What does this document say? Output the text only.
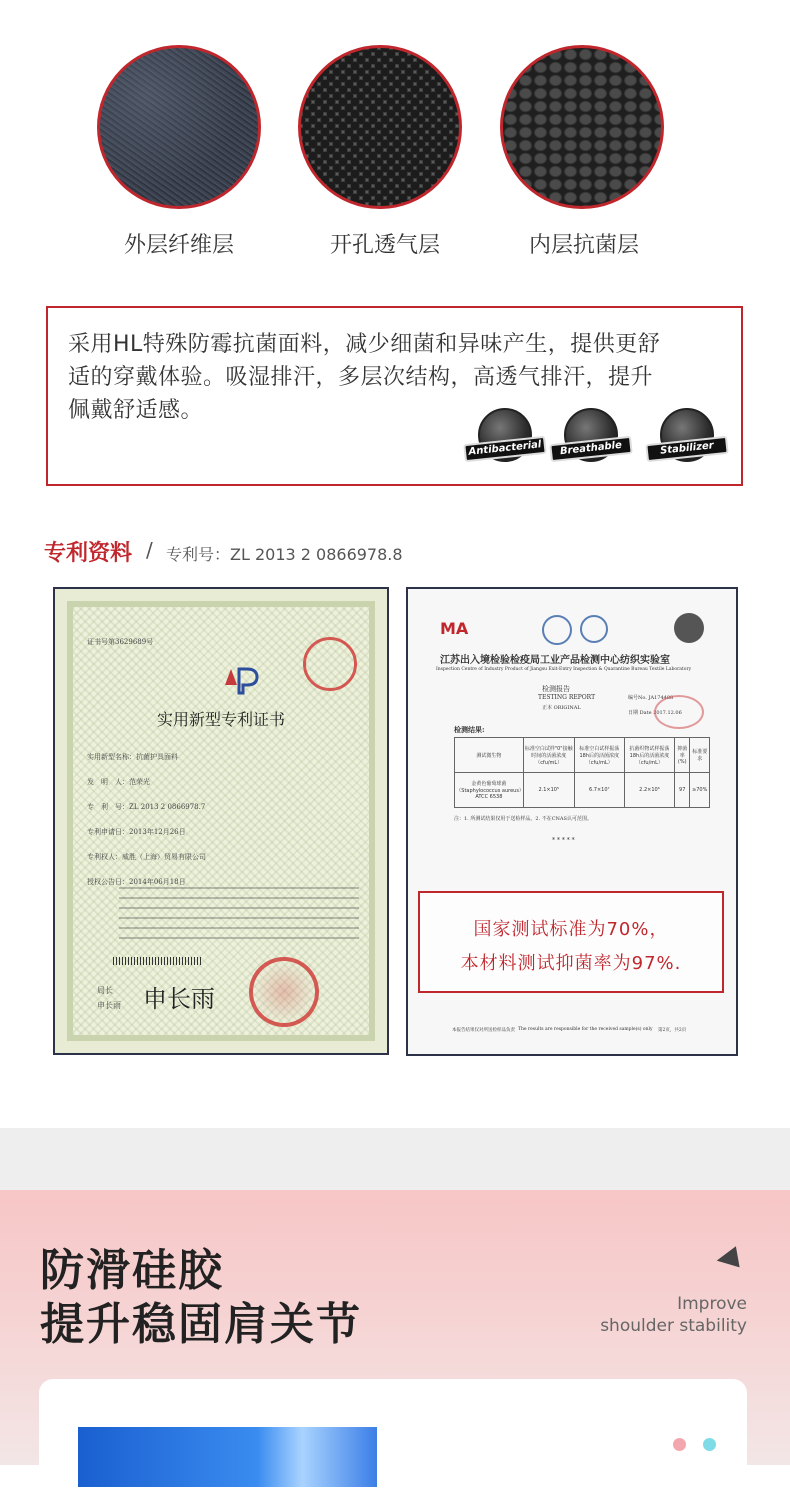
外层纤维层	开孔透气层	内层抗菌层
采用HL特殊防霉抗菌面料，减少细菌和异味产生，提供更舒
适的穿戴体验。吸湿排汗，多层次结构，高透气排汗，提升
佩戴舒适感。
Antibacterial	Breathable	Stabilizer
专利资料 / 专利号：ZL 2013 2 0866978.8
证书号第3629689号
实用新型专利证书
实用新型名称：抗菌护具面料
发　明　人：范荣光
专　利　号：ZL 2013 2 0866978.7
专利申请日：2013年12月26日
专利权人：威胜（上海）贸易有限公司
授权公告日：2014年06月18日
局长
申长雨 申长雨
MA
江苏出入境检验检疫局工业产品检测中心纺织实验室
Inspection Centre of Industry Product of Jiangsu Exit-Entry Inspection & Quarantine Bureau Textile Laboratory
检测报告
TESTING REPORT
正本 ORIGINAL
编号No. JA174488
日期 Date 2017.12.06
检测结果:
测试微生物	标准空白试样"0"接触时间的活菌浓度（cfu/mL）	标准空白试样振荡18h后的活菌浓度（cfu/mL）	抗菌织物试样振荡18h后的活菌浓度（cfu/mL）	抑菌率(%)	标准要求
金黄色葡萄球菌（Staphylococcus aureus）ATCC 6538	2.1×10⁵	6.7×10⁷	2.2×10⁶	97	≥70%
注：1. 所测试结果仅用于送检样品。2. 不在CNAS认可范围。
* * * * *
国家测试标准为70%，
本材料测试抑菌率为97%.
本报告结果仅对所送检样品负责 The results are responsible for the received sample(s) only 第2页，共2页
防滑硅胶
提升稳固肩关节
◀
Improve
shoulder stability
